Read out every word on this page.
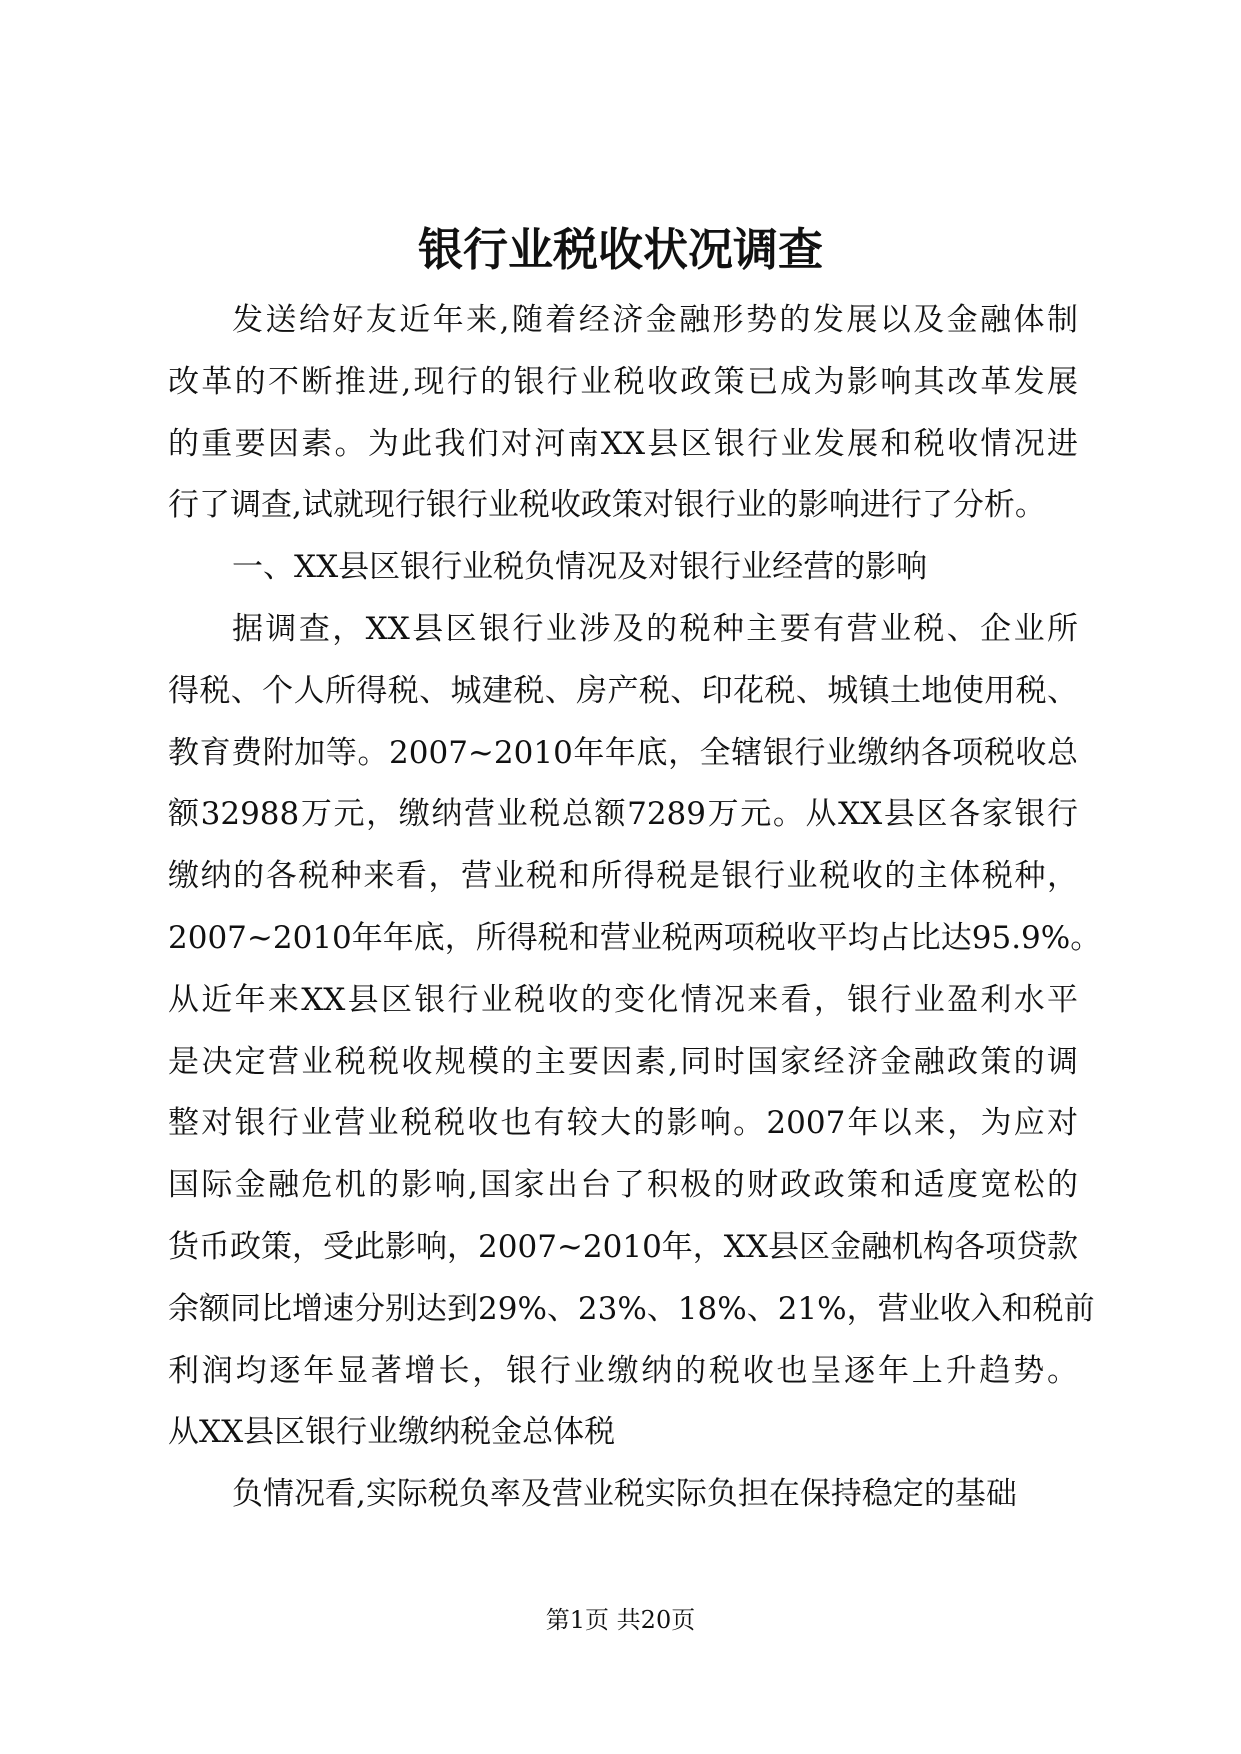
银行业税收状况调查

发送给好友近年来,随着经济金融形势的发展以及金融体制
改革的不断推进,现行的银行业税收政策已成为影响其改革发展
的重要因素。为此我们对河南XX县区银行业发展和税收情况进
行了调查,试就现行银行业税收政策对银行业的影响进行了分析。

一、XX县区银行业税负情况及对银行业经营的影响

据调查，XX县区银行业涉及的税种主要有营业税、企业所
得税、个人所得税、城建税、房产税、印花税、城镇土地使用税、
教育费附加等。2007~2010年年底，全辖银行业缴纳各项税收总
额32988万元，缴纳营业税总额7289万元。从XX县区各家银行
缴纳的各税种来看，营业税和所得税是银行业税收的主体税种，
2007~2010年年底，所得税和营业税两项税收平均占比达95.9%。
从近年来XX县区银行业税收的变化情况来看，银行业盈利水平
是决定营业税税收规模的主要因素,同时国家经济金融政策的调
整对银行业营业税税收也有较大的影响。2007年以来，为应对
国际金融危机的影响,国家出台了积极的财政政策和适度宽松的
货币政策，受此影响，2007~2010年，XX县区金融机构各项贷款
余额同比增速分别达到29%、23%、18%、21%，营业收入和税前
利润均逐年显著增长，银行业缴纳的税收也呈逐年上升趋势。
从XX县区银行业缴纳税金总体税

负情况看,实际税负率及营业税实际负担在保持稳定的基础

第1页 共20页
